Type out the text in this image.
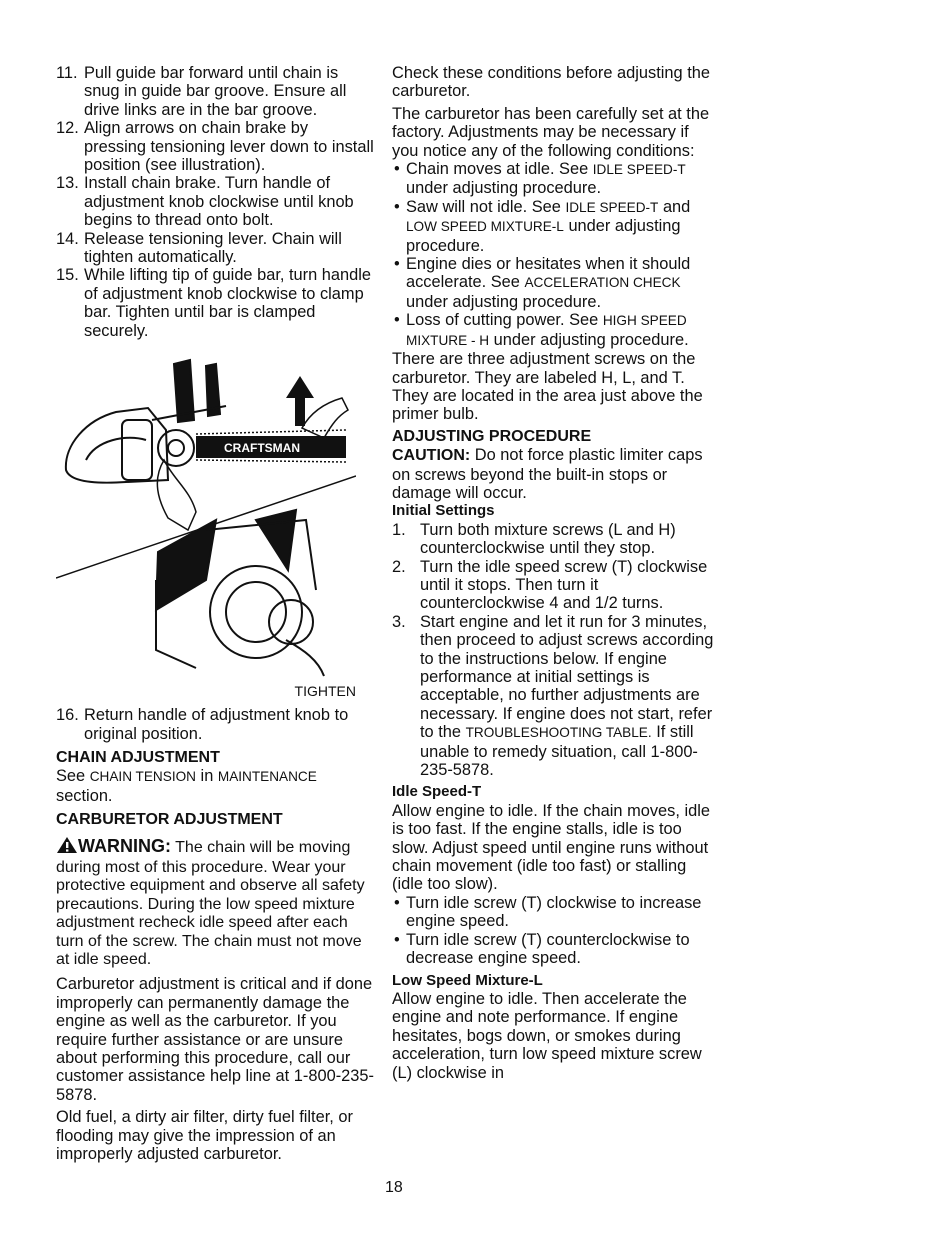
11. Pull guide bar forward until chain is snug in guide bar groove. Ensure all drive links are in the bar groove.
12. Align arrows on chain brake by pressing tensioning lever down to install position (see illustration).
13. Install chain brake. Turn handle of adjustment knob clockwise until knob begins to thread onto bolt.
14. Release tensioning lever. Chain will tighten automatically.
15. While lifting tip of guide bar, turn handle of adjustment knob clockwise to clamp bar. Tighten until bar is clamped securely.
CRAFTSMAN
TIGHTEN
16. Return handle of adjustment knob to original position.

CHAIN ADJUSTMENT

See CHAIN TENSION in MAINTENANCE section.

CARBURETOR ADJUSTMENT

WARNING: The chain will be moving during most of this procedure. Wear your protective equipment and observe all safety precautions. During the low speed mixture adjustment recheck idle speed after each turn of the screw. The chain must not move at idle speed.

Carburetor adjustment is critical and if done improperly can permanently damage the engine as well as the carburetor. If you require further assistance or are unsure about performing this procedure, call our customer assistance help line at 1-800-235-5878.

Old fuel, a dirty air filter, dirty fuel filter, or flooding may give the impression of an improperly adjusted carburetor.

Check these conditions before adjusting the carburetor.

The carburetor has been carefully set at the factory. Adjustments may be necessary if you notice any of the following conditions:

• Chain moves at idle. See IDLE SPEED-T under adjusting procedure.
• Saw will not idle. See IDLE SPEED-T and LOW SPEED MIXTURE-L under adjusting procedure.
• Engine dies or hesitates when it should accelerate. See ACCELERATION CHECK under adjusting procedure.
• Loss of cutting power. See HIGH SPEED MIXTURE - H under adjusting procedure.

There are three adjustment screws on the carburetor. They are labeled H, L, and T. They are located in the area just above the primer bulb.

ADJUSTING PROCEDURE

CAUTION: Do not force plastic limiter caps on screws beyond the built-in stops or damage will occur.

Initial Settings

1. Turn both mixture screws (L and H) counterclockwise until they stop.
2. Turn the idle speed screw (T) clockwise until it stops. Then turn it counterclockwise 4 and 1/2 turns.
3. Start engine and let it run for 3 minutes, then proceed to adjust screws according to the instructions below. If engine performance at initial settings is acceptable, no further adjustments are necessary. If engine does not start, refer to the TROUBLESHOOTING TABLE. If still unable to remedy situation, call 1-800-235-5878.

Idle Speed-T

Allow engine to idle. If the chain moves, idle is too fast. If the engine stalls, idle is too slow. Adjust speed until engine runs without chain movement (idle too fast) or stalling (idle too slow).

• Turn idle screw (T) clockwise to increase engine speed.
• Turn idle screw (T) counterclockwise to decrease engine speed.

Low Speed Mixture-L

Allow engine to idle. Then accelerate the engine and note performance. If engine hesitates, bogs down, or smokes during acceleration, turn low speed mixture screw (L) clockwise in

18
